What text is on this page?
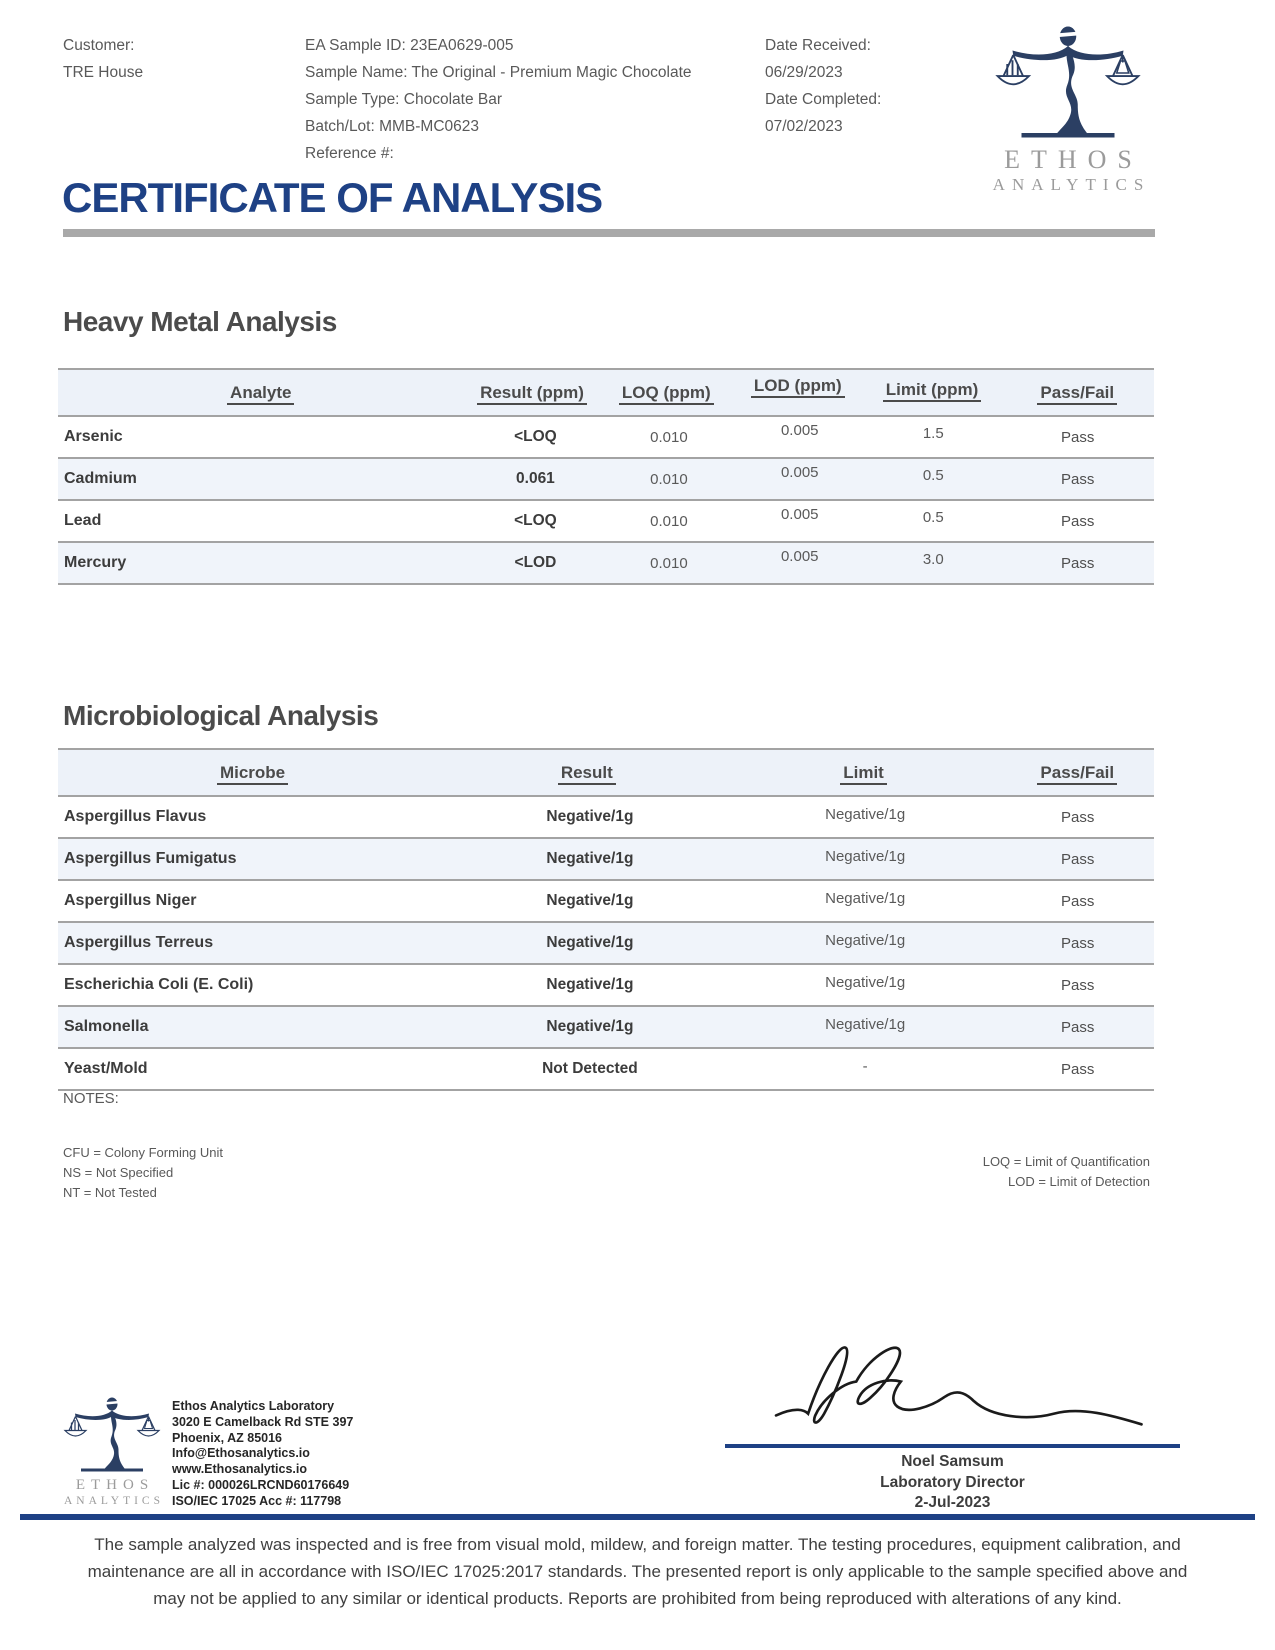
Customer:
TRE House
EA Sample ID: 23EA0629-005
Sample Name: The Original - Premium Magic Chocolate
Sample Type: Chocolate Bar
Batch/Lot: MMB-MC0623
Reference #:
Date Received:
06/29/2023
Date Completed:
07/02/2023
ETHOS
ANALYTICS
CERTIFICATE OF ANALYSIS
Heavy Metal Analysis
Analyte	Result (ppm)	LOQ (ppm)	LOD (ppm)	Limit (ppm)	Pass/Fail
Arsenic	<LOQ	0.010	0.005	1.5	Pass
Cadmium	0.061	0.010	0.005	0.5	Pass
Lead	<LOQ	0.010	0.005	0.5	Pass
Mercury	<LOD	0.010	0.005	3.0	Pass
Microbiological Analysis
Microbe	Result	Limit	Pass/Fail
Aspergillus Flavus	Negative/1g	Negative/1g	Pass
Aspergillus Fumigatus	Negative/1g	Negative/1g	Pass
Aspergillus Niger	Negative/1g	Negative/1g	Pass
Aspergillus Terreus	Negative/1g	Negative/1g	Pass
Escherichia Coli (E. Coli)	Negative/1g	Negative/1g	Pass
Salmonella	Negative/1g	Negative/1g	Pass
Yeast/Mold	Not Detected	-	Pass
NOTES:
CFU = Colony Forming Unit
NS = Not Specified
NT = Not Tested
LOQ = Limit of Quantification
LOD = Limit of Detection
ETHOS
ANALYTICS
Ethos Analytics Laboratory
3020 E Camelback Rd STE 397
Phoenix, AZ 85016
Info@Ethosanalytics.io
www.Ethosanalytics.io
Lic #: 000026LRCND60176649
ISO/IEC 17025 Acc #: 117798
Noel Samsum
Laboratory Director
2-Jul-2023
The sample analyzed was inspected and is free from visual mold, mildew, and foreign matter. The testing procedures, equipment calibration, and maintenance are all in accordance with ISO/IEC 17025:2017 standards. The presented report is only applicable to the sample specified above and may not be applied to any similar or identical products. Reports are prohibited from being reproduced with alterations of any kind.
